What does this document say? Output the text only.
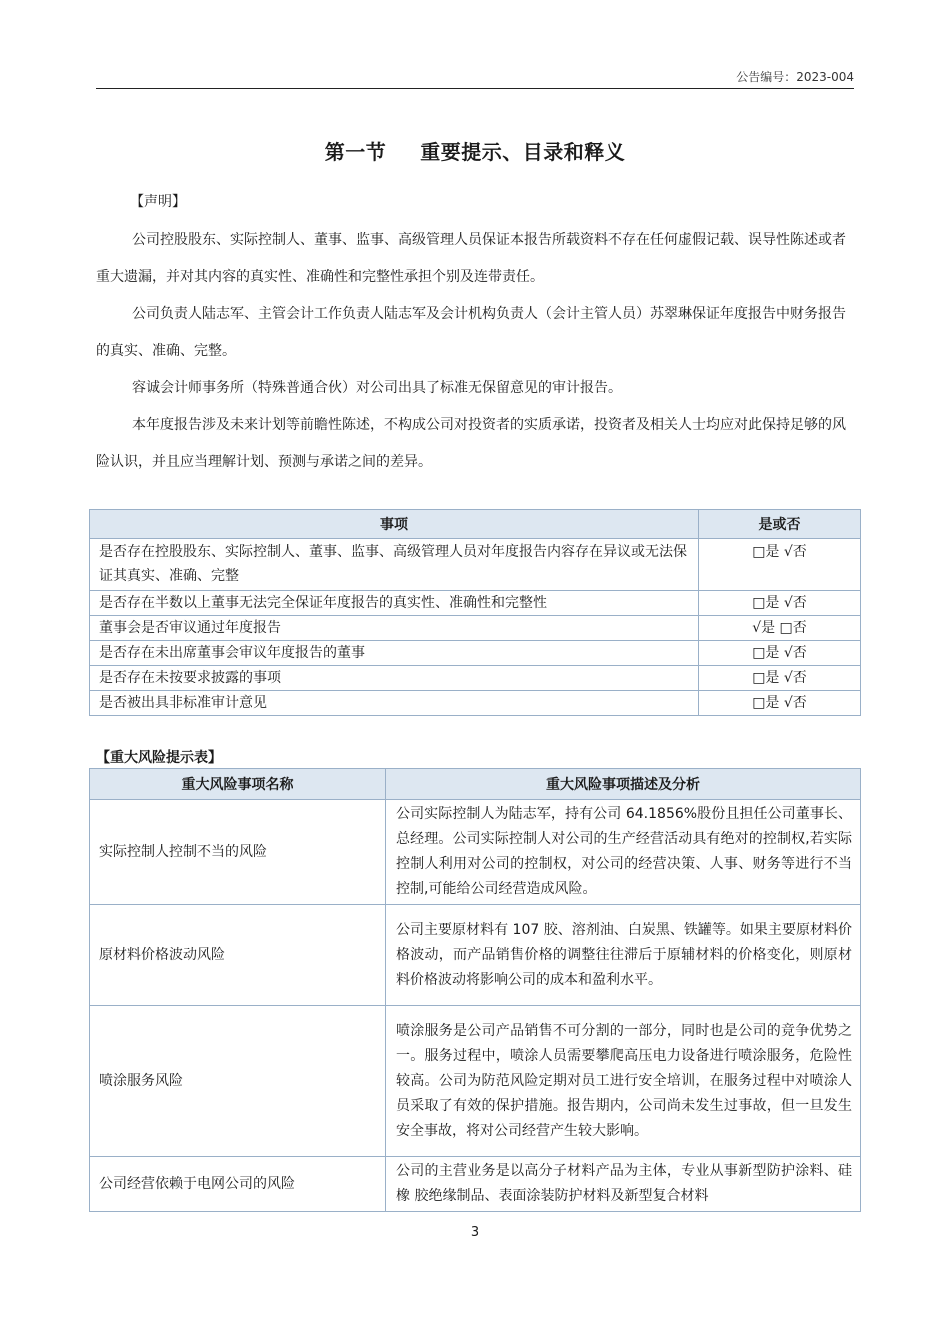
公告编号：2023-004
第一节 重要提示、目录和释义
【声明】

公司控股股东、实际控制人、董事、监事、高级管理人员保证本报告所载资料不存在任何虚假记载、误导性陈述或者重大遗漏，并对其内容的真实性、准确性和完整性承担个别及连带责任。

公司负责人陆志军、主管会计工作负责人陆志军及会计机构负责人（会计主管人员）苏翠琳保证年度报告中财务报告的真实、准确、完整。

容诚会计师事务所（特殊普通合伙）对公司出具了标准无保留意见的审计报告。

本年度报告涉及未来计划等前瞻性陈述，不构成公司对投资者的实质承诺，投资者及相关人士均应对此保持足够的风险认识，并且应当理解计划、预测与承诺之间的差异。

事项	是或否
是否存在控股股东、实际控制人、董事、监事、高级管理人员对年度报告内容存在异议或无法保证其真实、准确、完整	□是 √否
是否存在半数以上董事无法完全保证年度报告的真实性、准确性和完整性	□是 √否
董事会是否审议通过年度报告	√是 □否
是否存在未出席董事会审议年度报告的董事	□是 √否
是否存在未按要求披露的事项	□是 √否
是否被出具非标准审计意见	□是 √否
【重大风险提示表】
重大风险事项名称	重大风险事项描述及分析
实际控制人控制不当的风险	公司实际控制人为陆志军，持有公司 64.1856%股份且担任公司董事长、总经理。公司实际控制人对公司的生产经营活动具有绝对的控制权,若实际控制人利用对公司的控制权，对公司的经营决策、人事、财务等进行不当控制,可能给公司经营造成风险。
原材料价格波动风险	公司主要原材料有 107 胶、溶剂油、白炭黑、铁罐等。如果主要原材料价格波动，而产品销售价格的调整往往滞后于原辅材料的价格变化，则原材料价格波动将影响公司的成本和盈利水平。
喷涂服务风险	喷涂服务是公司产品销售不可分割的一部分，同时也是公司的竞争优势之一。服务过程中，喷涂人员需要攀爬高压电力设备进行喷涂服务，危险性较高。公司为防范风险定期对员工进行安全培训，在服务过程中对喷涂人员采取了有效的保护措施。报告期内，公司尚未发生过事故，但一旦发生安全事故，将对公司经营产生较大影响。
公司经营依赖于电网公司的风险	公司的主营业务是以高分子材料产品为主体，专业从事新型防护涂料、硅橡 胶绝缘制品、表面涂装防护材料及新型复合材料
3
